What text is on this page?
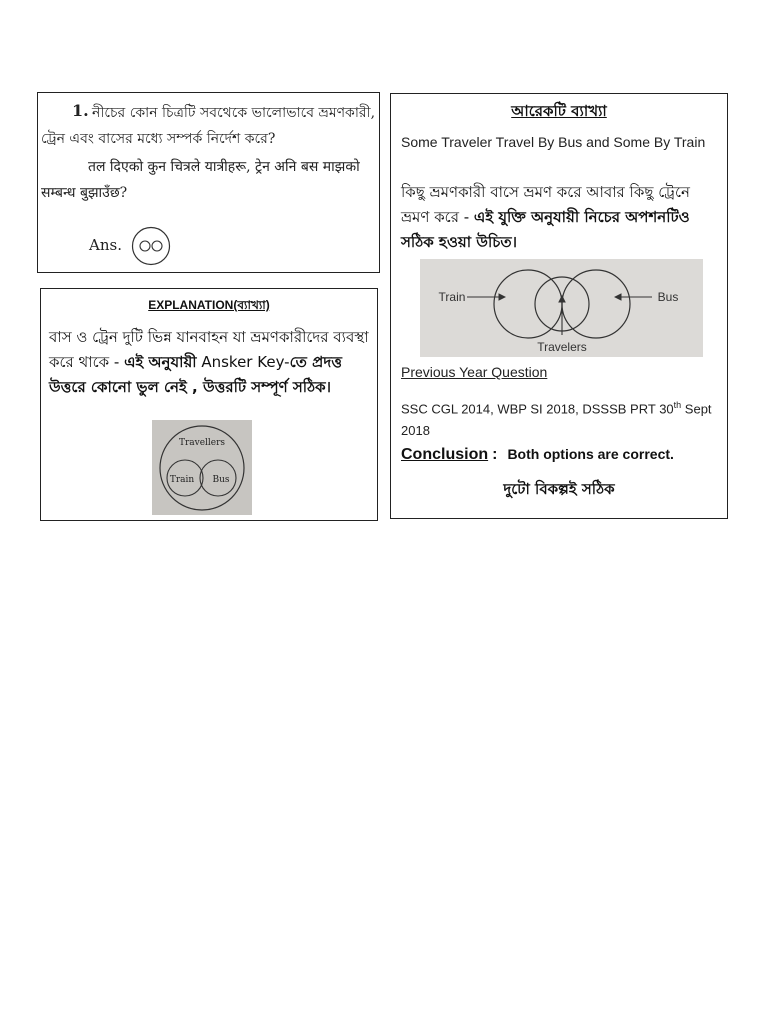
1. নীচের কোন চিত্রটি সবথেকে ভালোভাবে ভ্রমণকারী,
ট্রেন এবং বাসের মধ্যে সম্পর্ক নির্দেশ করে?
तल दिएको कुन चित्रले यात्रीहरू, ट्रेन अनि बस माझको
सम्बन्ध बुझाउँछ?
Ans.
EXPLANATION(ব্যাখ্যা)
বাস ও ট্রেন দুটি ভিন্ন যানবাহন যা ভ্রমণকারীদের ব্যবস্থা করে থাকে - এই অনুযায়ী Ansker Key-তে প্রদত্ত উত্তরে কোনো ভুল নেই , উত্তরটি সম্পূর্ণ সঠিক।
Travellers
Train Bus
আরেকটি ব্যাখ্যা
Some Traveler Travel By Bus and Some By Train
কিছু ভ্রমণকারী বাসে ভ্রমণ করে আবার কিছু ট্রেনে ভ্রমণ করে - এই যুক্তি অনুযায়ী নিচের অপশনটিও সঠিক হওয়া উচিত।
Train	Bus
Travelers
Previous Year Question
SSC CGL 2014, WBP SI 2018, DSSSB PRT 30th Sept 2018
Conclusion : Both options are correct.
দুটো বিকল্পই সঠিক
